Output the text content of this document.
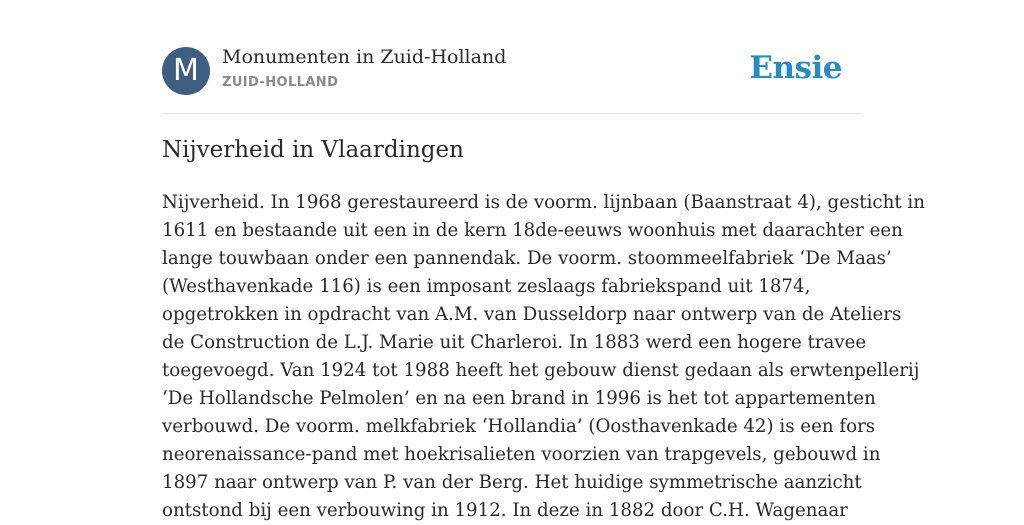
M	Monumenten in Zuid-Holland
ZUID-HOLLAND	Ensie
Nijverheid in Vlaardingen

Nijverheid. In 1968 gerestaureerd is de voorm. lijnbaan (Baanstraat 4), gesticht in
1611 en bestaande uit een in de kern 18de-eeuws woonhuis met daarachter een
lange touwbaan onder een pannendak. De voorm. stoommeelfabriek ‘De Maas’
(Westhavenkade 116) is een imposant zeslaags fabriekspand uit 1874,
opgetrokken in opdracht van A.M. van Dusseldorp naar ontwerp van de Ateliers
de Construction de L.J. Marie uit Charleroi. In 1883 werd een hogere travee
toegevoegd. Van 1924 tot 1988 heeft het gebouw dienst gedaan als erwtenpellerij
‘De Hollandsche Pelmolen’ en na een brand in 1996 is het tot appartementen
verbouwd. De voorm. melkfabriek ‘Hollandia’ (Oosthavenkade 42) is een fors
neorenaissance-pand met hoekrisalieten voorzien van trapgevels, gebouwd in
1897 naar ontwerp van P. van der Berg. Het huidige symmetrische aanzicht
ontstond bij een verbouwing in 1912. In deze in 1882 door C.H. Wagenaar
